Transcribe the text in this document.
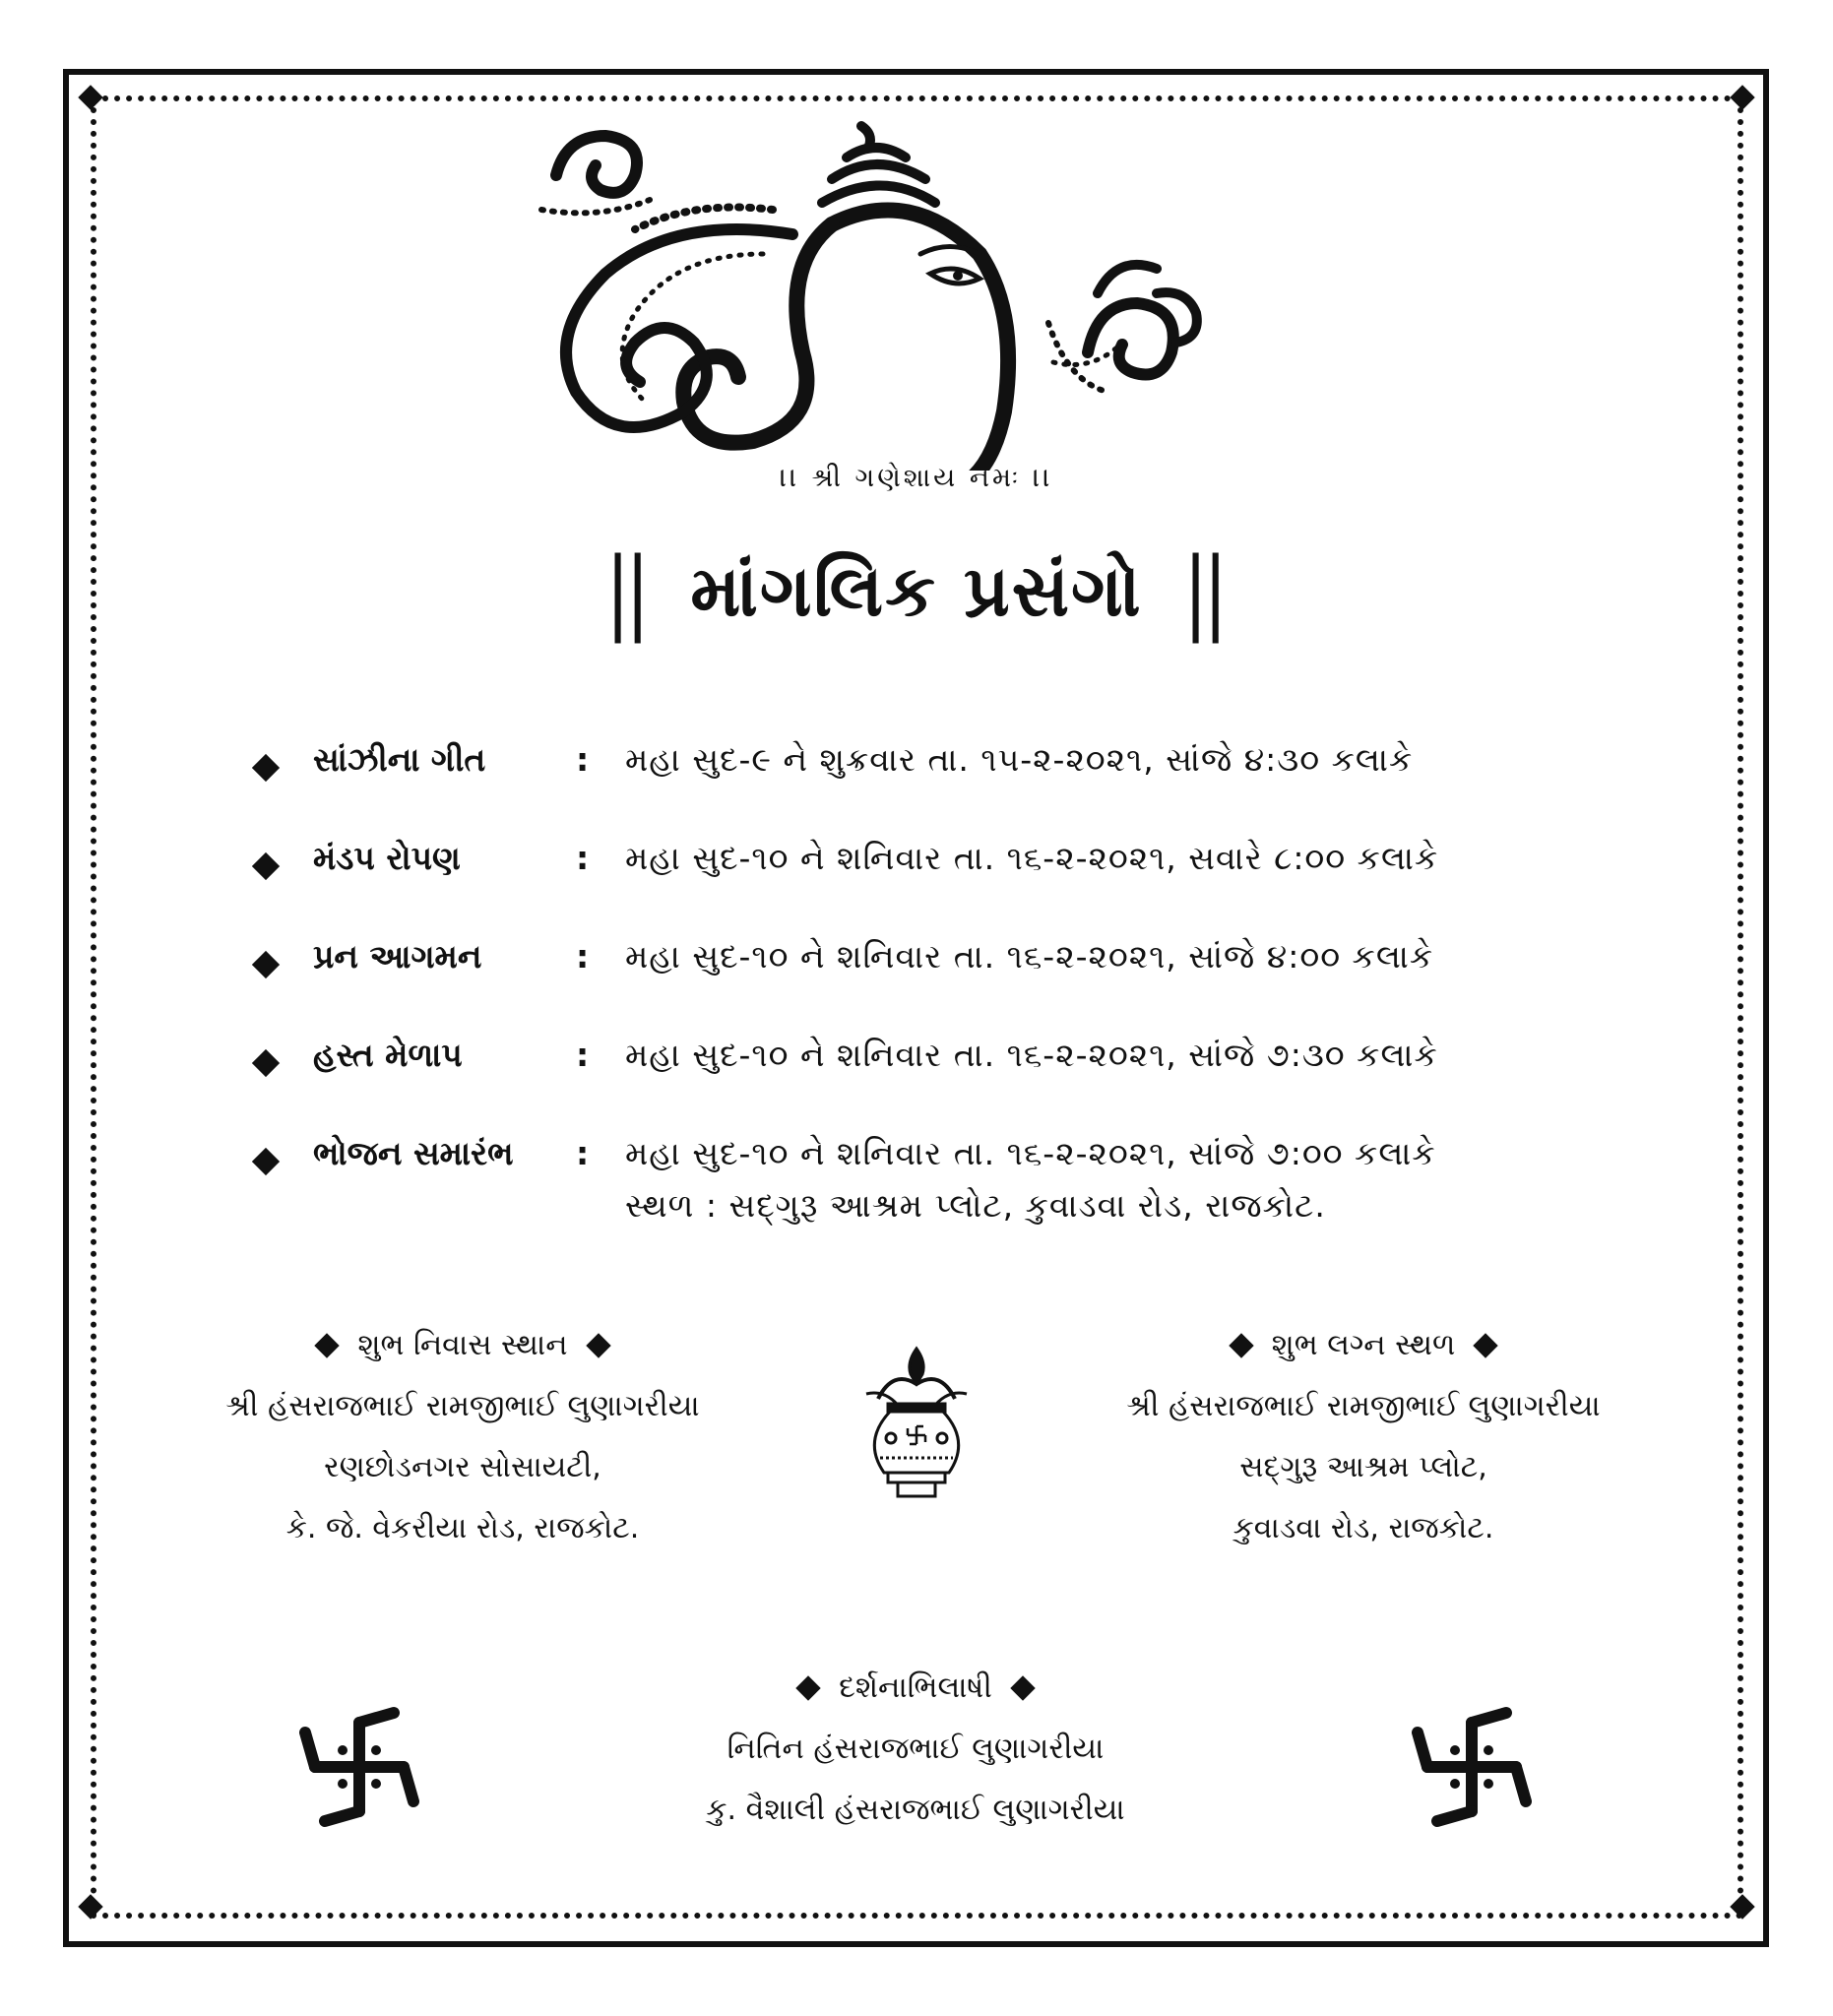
।। શ્રી ગણેશાય નમઃ ।।
|| માંગલિક પ્રસંગો ||
સાંઝીના ગીત	: મહા સુદ-૯ ને શુક્રવાર તા. ૧૫-૨-૨૦૨૧, સાંજે ૪:૩૦ કલાકે
મંડપ રોપણ	: મહા સુદ-૧૦ ને શનિવાર તા. ૧૬-૨-૨૦૨૧, સવારે ૮:૦૦ કલાકે
પ્રન આગમન	: મહા સુદ-૧૦ ને શનિવાર તા. ૧૬-૨-૨૦૨૧, સાંજે ૪:૦૦ કલાકે
હસ્ત મેળાપ	: મહા સુદ-૧૦ ને શનિવાર તા. ૧૬-૨-૨૦૨૧, સાંજે ૭:૩૦ કલાકે
ભોજન સમારંભ : મહા સુદ-૧૦ ને શનિવાર તા. ૧૬-૨-૨૦૨૧, સાંજે ૭:૦૦ કલાકે
સ્થળ : સદ્ગુરૂ આશ્રમ પ્લોટ, કુવાડવા રોડ, રાજકોટ.
શુભ નિવાસ સ્થાન
શ્રી હંસરાજભાઈ રામજીભાઈ લુણાગરીયા
રણછોડનગર સોસાયટી,
કે. જે. વેકરીયા રોડ, રાજકોટ.
શુભ લગ્ન સ્થળ
શ્રી હંસરાજભાઈ રામજીભાઈ લુણાગરીયા
સદ્ગુરૂ આશ્રમ પ્લોટ,
કુવાડવા રોડ, રાજકોટ.
દર્શનાભિલાષી
નિતિન હંસરાજભાઈ લુણાગરીયા
કુ. વૈશાલી હંસરાજભાઈ લુણાગરીયા
